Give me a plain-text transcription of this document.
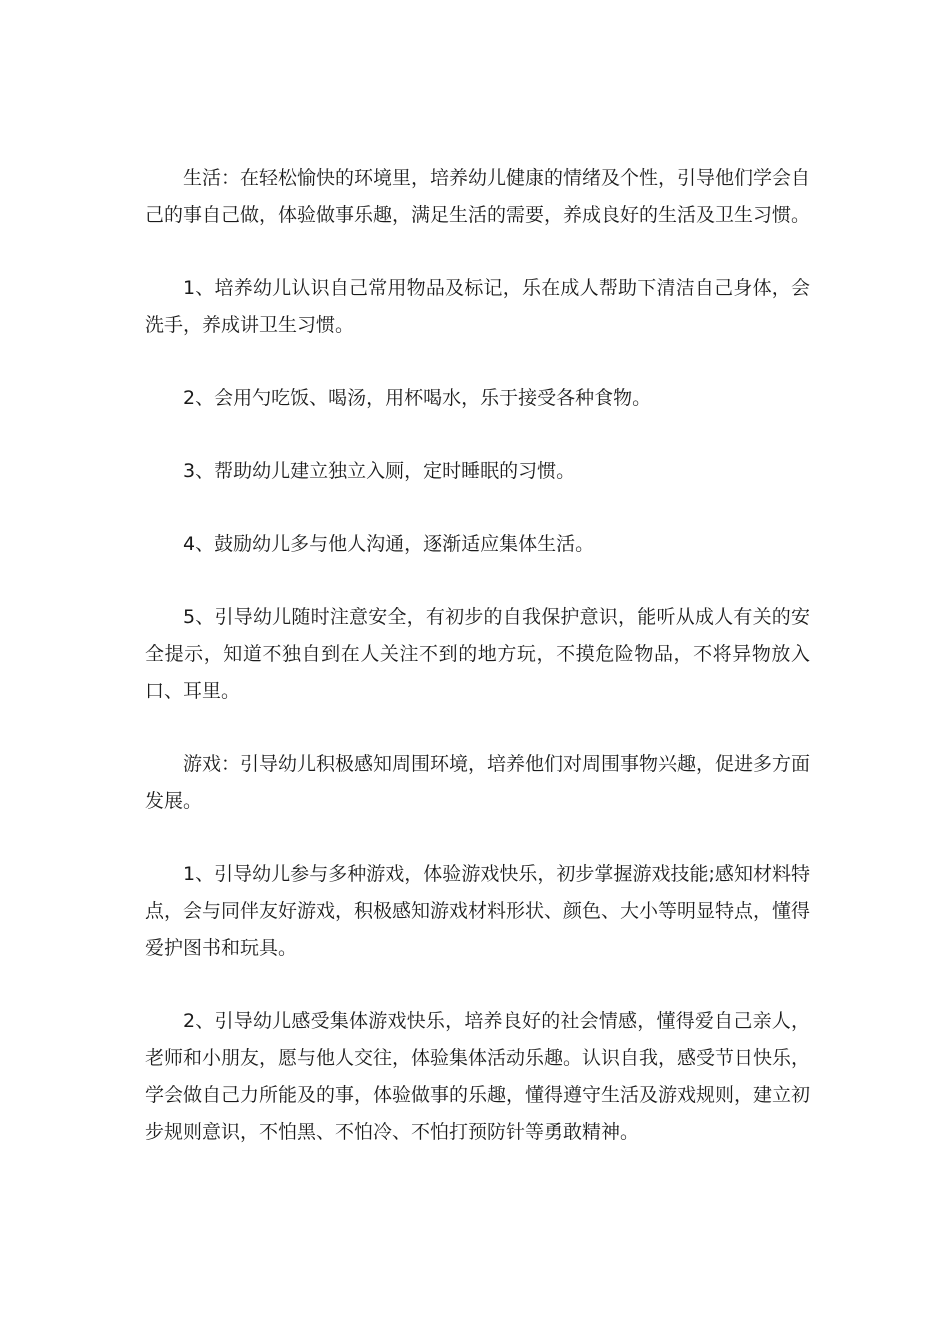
生活：在轻松愉快的环境里，培养幼儿健康的情绪及个性，引导他们学会自己的事自己做，体验做事乐趣，满足生活的需要，养成良好的生活及卫生习惯。

1、培养幼儿认识自己常用物品及标记，乐在成人帮助下清洁自己身体，会洗手，养成讲卫生习惯。

2、会用勺吃饭、喝汤，用杯喝水，乐于接受各种食物。

3、帮助幼儿建立独立入厕，定时睡眠的习惯。

4、鼓励幼儿多与他人沟通，逐渐适应集体生活。

5、引导幼儿随时注意安全，有初步的自我保护意识，能听从成人有关的安全提示，知道不独自到在人关注不到的地方玩，不摸危险物品，不将异物放入口、耳里。

游戏：引导幼儿积极感知周围环境，培养他们对周围事物兴趣，促进多方面发展。

1、引导幼儿参与多种游戏，体验游戏快乐，初步掌握游戏技能;感知材料特点，会与同伴友好游戏，积极感知游戏材料形状、颜色、大小等明显特点，懂得爱护图书和玩具。

2、引导幼儿感受集体游戏快乐，培养良好的社会情感，懂得爱自己亲人，老师和小朋友，愿与他人交往，体验集体活动乐趣。认识自我，感受节日快乐，学会做自己力所能及的事，体验做事的乐趣，懂得遵守生活及游戏规则，建立初步规则意识，不怕黑、不怕冷、不怕打预防针等勇敢精神。
